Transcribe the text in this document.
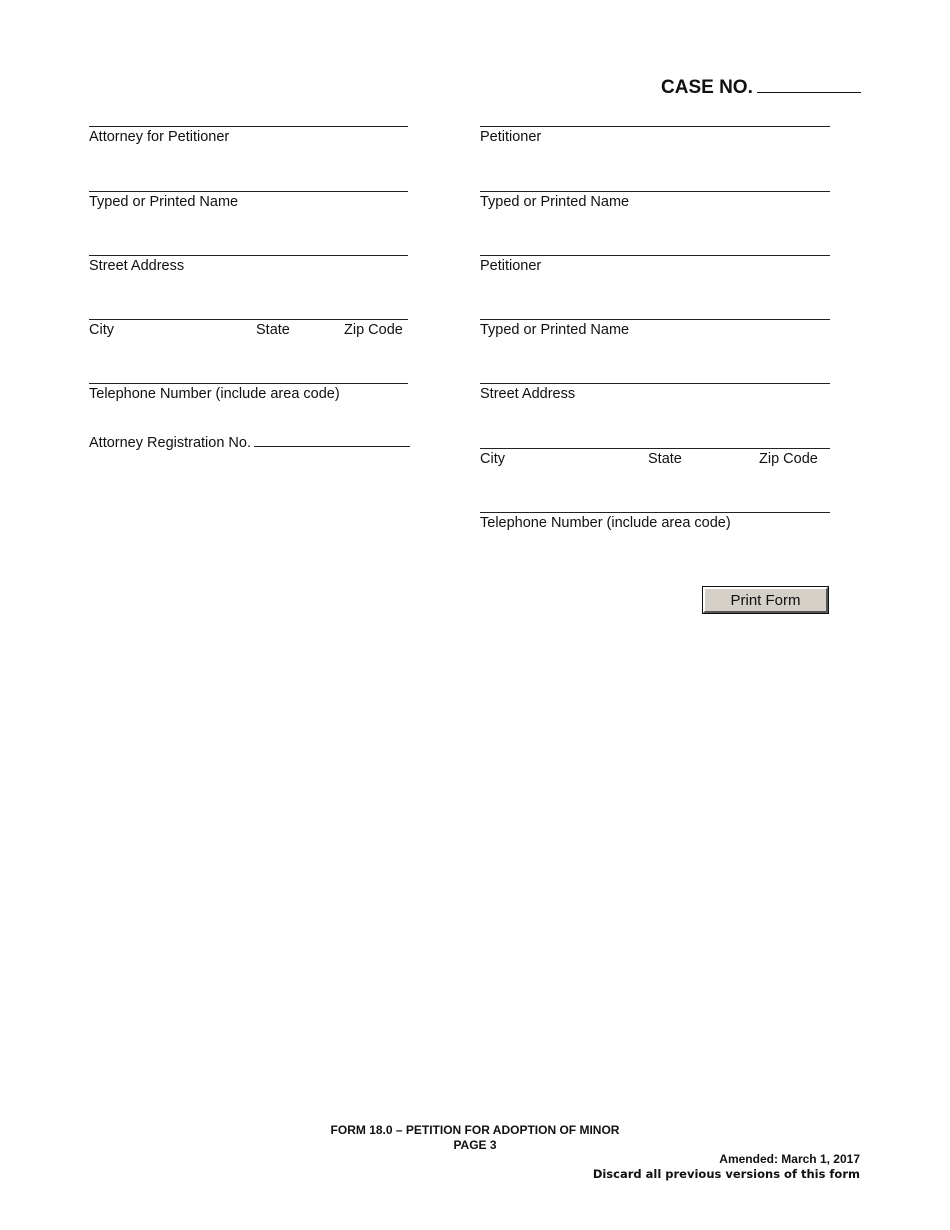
CASE NO.
Attorney for Petitioner
Typed or Printed Name
Street Address
City	State	Zip Code
Telephone Number (include area code)
Attorney Registration No.
Petitioner
Typed or Printed Name
Petitioner
Typed or Printed Name
Street Address
City	State	Zip Code
Telephone Number (include area code)
Print Form
FORM 18.0 – PETITION FOR ADOPTION OF MINOR
PAGE 3
Amended: March 1, 2017
Discard all previous versions of this form
